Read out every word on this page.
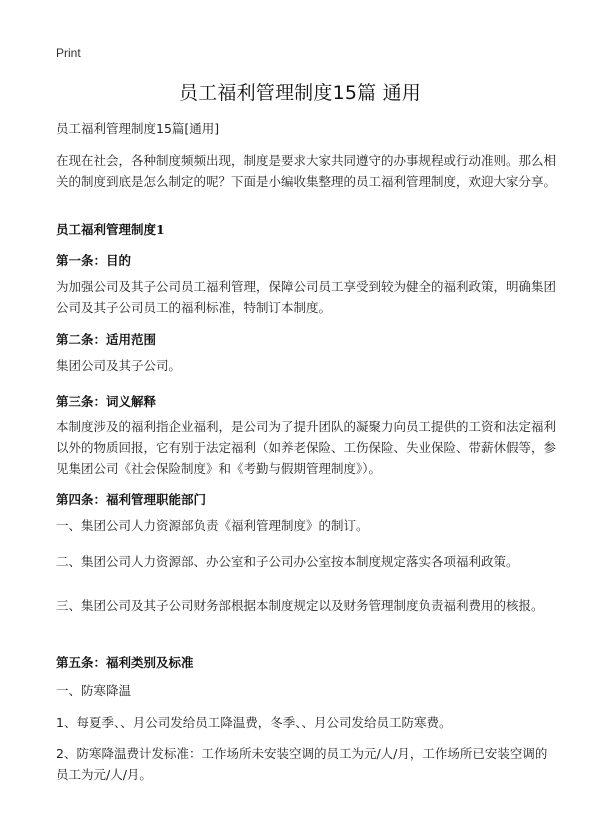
Print
员工福利管理制度15篇 通用
员工福利管理制度15篇[通用]
在现在社会，各种制度频频出现，制度是要求大家共同遵守的办事规程或行动准则。那么相关的制度到底是怎么制定的呢？下面是小编收集整理的员工福利管理制度，欢迎大家分享。
员工福利管理制度1
第一条：目的
为加强公司及其子公司员工福利管理，保障公司员工享受到较为健全的福利政策，明确集团公司及其子公司员工的福利标准，特制订本制度。
第二条：适用范围
集团公司及其子公司。
第三条：词义解释
本制度涉及的福利指企业福利，是公司为了提升团队的凝聚力向员工提供的工资和法定福利以外的物质回报，它有别于法定福利（如养老保险、工伤保险、失业保险、带薪休假等，参见集团公司《社会保险制度》和《考勤与假期管理制度》）。
第四条：福利管理职能部门
一、集团公司人力资源部负责《福利管理制度》的制订。
二、集团公司人力资源部、办公室和子公司办公室按本制度规定落实各项福利政策。
三、集团公司及其子公司财务部根据本制度规定以及财务管理制度负责福利费用的核报。
第五条：福利类别及标准
一、防寒降温
1、每夏季、、月公司发给员工降温费，冬季、、月公司发给员工防寒费。
2、防寒降温费计发标准：工作场所未安装空调的员工为元/人/月，工作场所已安装空调的员工为元/人/月。
